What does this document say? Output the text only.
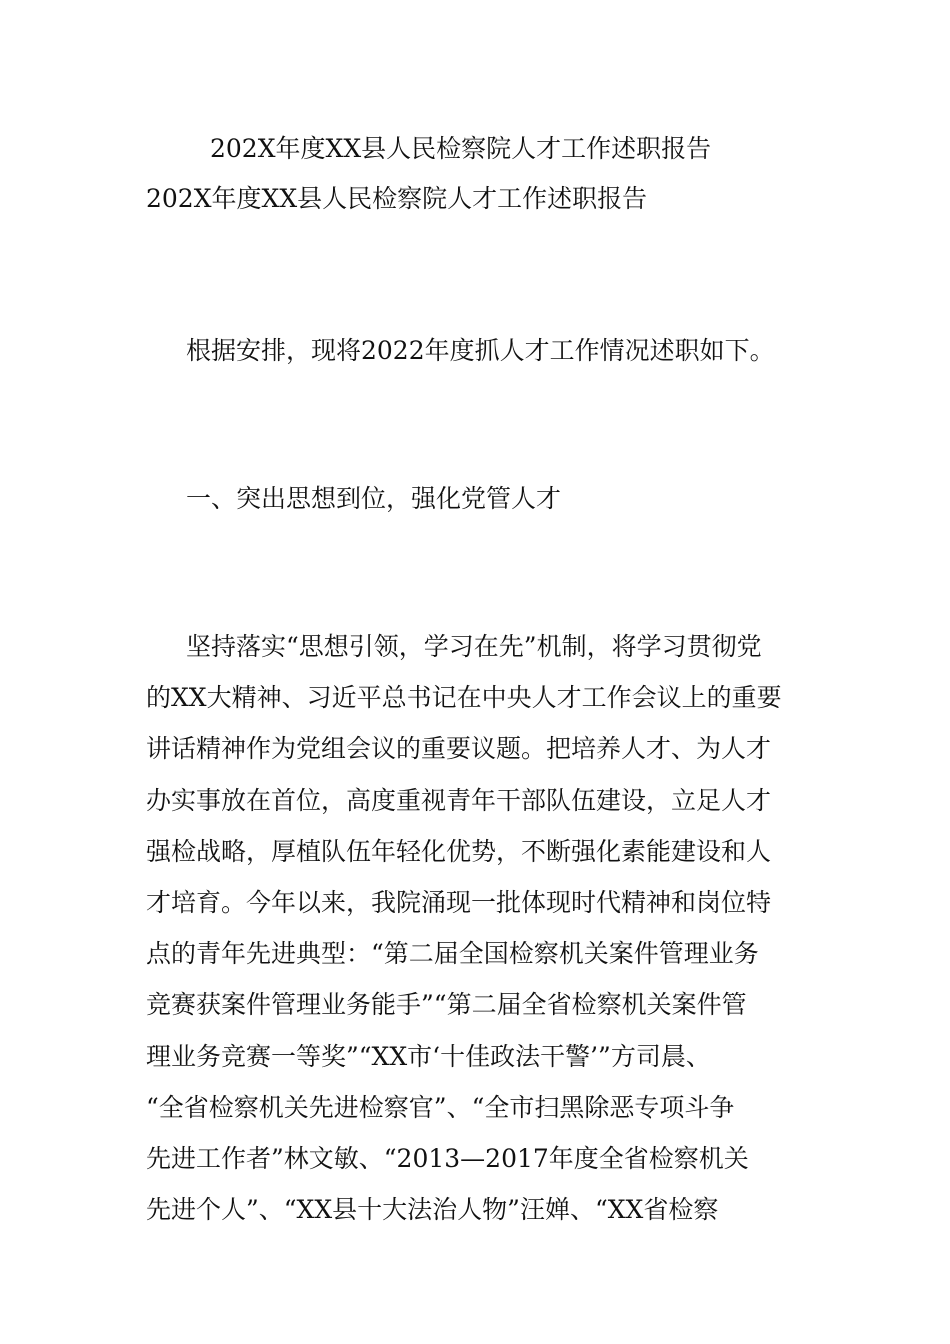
202X年度XX县人民检察院人才工作述职报告
202X年度XX县人民检察院人才工作述职报告
根据安排，现将2022年度抓人才工作情况述职如下。
一、突出思想到位，强化党管人才
坚持落实“思想引领，学习在先”机制，将学习贯彻党
的XX大精神、习近平总书记在中央人才工作会议上的重要
讲话精神作为党组会议的重要议题。把培养人才、为人才
办实事放在首位，高度重视青年干部队伍建设，立足人才
强检战略，厚植队伍年轻化优势，不断强化素能建设和人
才培育。今年以来，我院涌现一批体现时代精神和岗位特
点的青年先进典型：“第二届全国检察机关案件管理业务
竞赛获案件管理业务能手”“第二届全省检察机关案件管
理业务竞赛一等奖”“XX市‘十佳政法干警’”方司晨、
“全省检察机关先进检察官”、“全市扫黑除恶专项斗争
先进工作者”林文敏、“2013—2017年度全省检察机关
先进个人”、“XX县十大法治人物”汪婵、“XX省检察
